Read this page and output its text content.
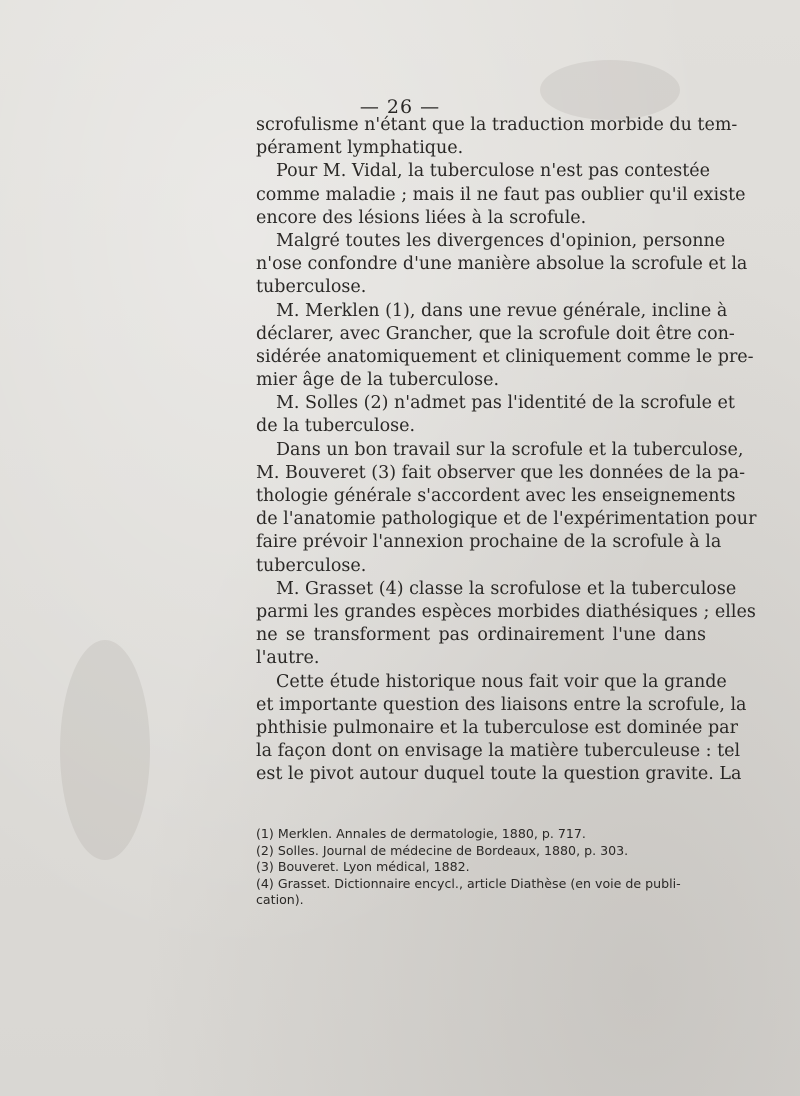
— 26 —
scrofulisme n'étant que la traduction morbide du tem-
pérament lymphatique.
Pour M. Vidal, la tuberculose n'est pas contestée
comme maladie ; mais il ne faut pas oublier qu'il existe
encore des lésions liées à la scrofule.
Malgré toutes les divergences d'opinion, personne
n'ose confondre d'une manière absolue la scrofule et la
tuberculose.
M. Merklen (1), dans une revue générale, incline à
déclarer, avec Grancher, que la scrofule doit être con-
sidérée anatomiquement et cliniquement comme le pre-
mier âge de la tuberculose.
M. Solles (2) n'admet pas l'identité de la scrofule et
de la tuberculose.
Dans un bon travail sur la scrofule et la tuberculose,
M. Bouveret (3) fait observer que les données de la pa-
thologie générale s'accordent avec les enseignements
de l'anatomie pathologique et de l'expérimentation pour
faire prévoir l'annexion prochaine de la scrofule à la
tuberculose.
M. Grasset (4) classe la scrofulose et la tuberculose
parmi les grandes espèces morbides diathésiques ; elles
ne se transforment pas ordinairement l'une dans
l'autre.
Cette étude historique nous fait voir que la grande
et importante question des liaisons entre la scrofule, la
phthisie pulmonaire et la tuberculose est dominée par
la façon dont on envisage la matière tuberculeuse : tel
est le pivot autour duquel toute la question gravite. La
(1) Merklen. Annales de dermatologie, 1880, p. 717.
(2) Solles. Journal de médecine de Bordeaux, 1880, p. 303.
(3) Bouveret. Lyon médical, 1882.
(4) Grasset. Dictionnaire encycl., article Diathèse (en voie de publi-
cation).
